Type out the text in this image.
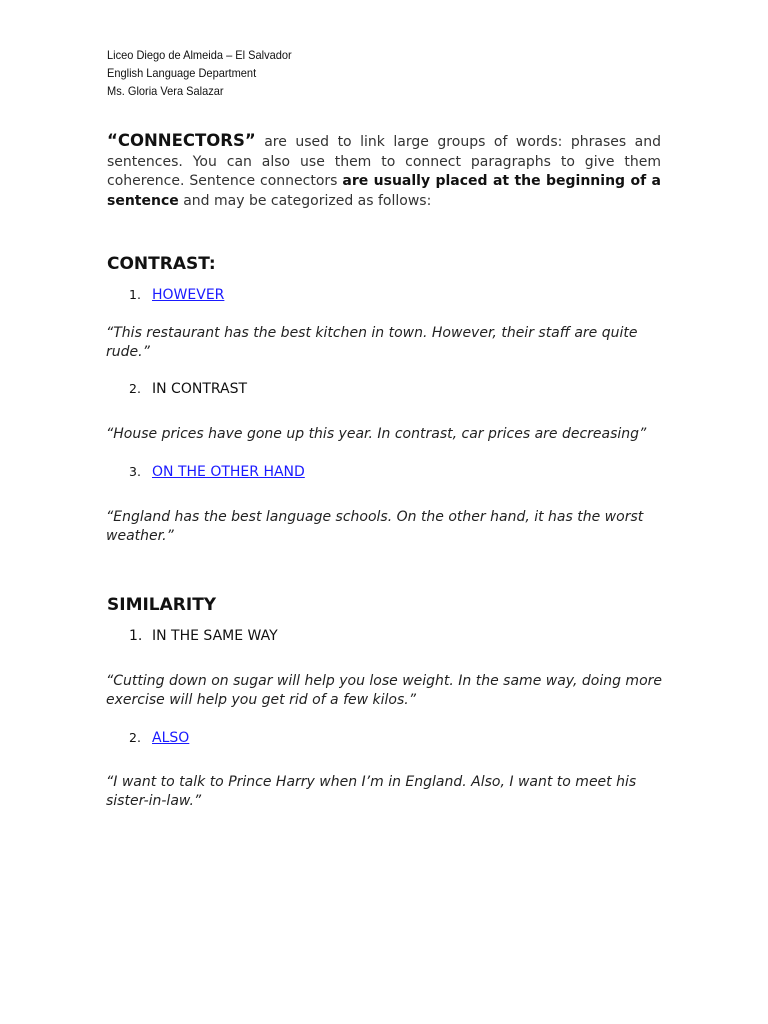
Liceo Diego de Almeida – El Salvador
English Language Department
Ms. Gloria Vera Salazar
“CONNECTORS” are used to link large groups of words: phrases and sentences. You can also use them to connect paragraphs to give them coherence. Sentence connectors are usually placed at the beginning of a sentence and may be categorized as follows:
CONTRAST:
1. HOWEVER
“This restaurant has the best kitchen in town. However, their staff are quite rude.”
2. IN CONTRAST
“House prices have gone up this year. In contrast, car prices are decreasing”
3. ON THE OTHER HAND
“England has the best language schools. On the other hand, it has the worst weather.”
SIMILARITY
1. IN THE SAME WAY
“Cutting down on sugar will help you lose weight. In the same way, doing more exercise will help you get rid of a few kilos.”
2. ALSO
“I want to talk to Prince Harry when I’m in England. Also, I want to meet his sister-in-law.”
